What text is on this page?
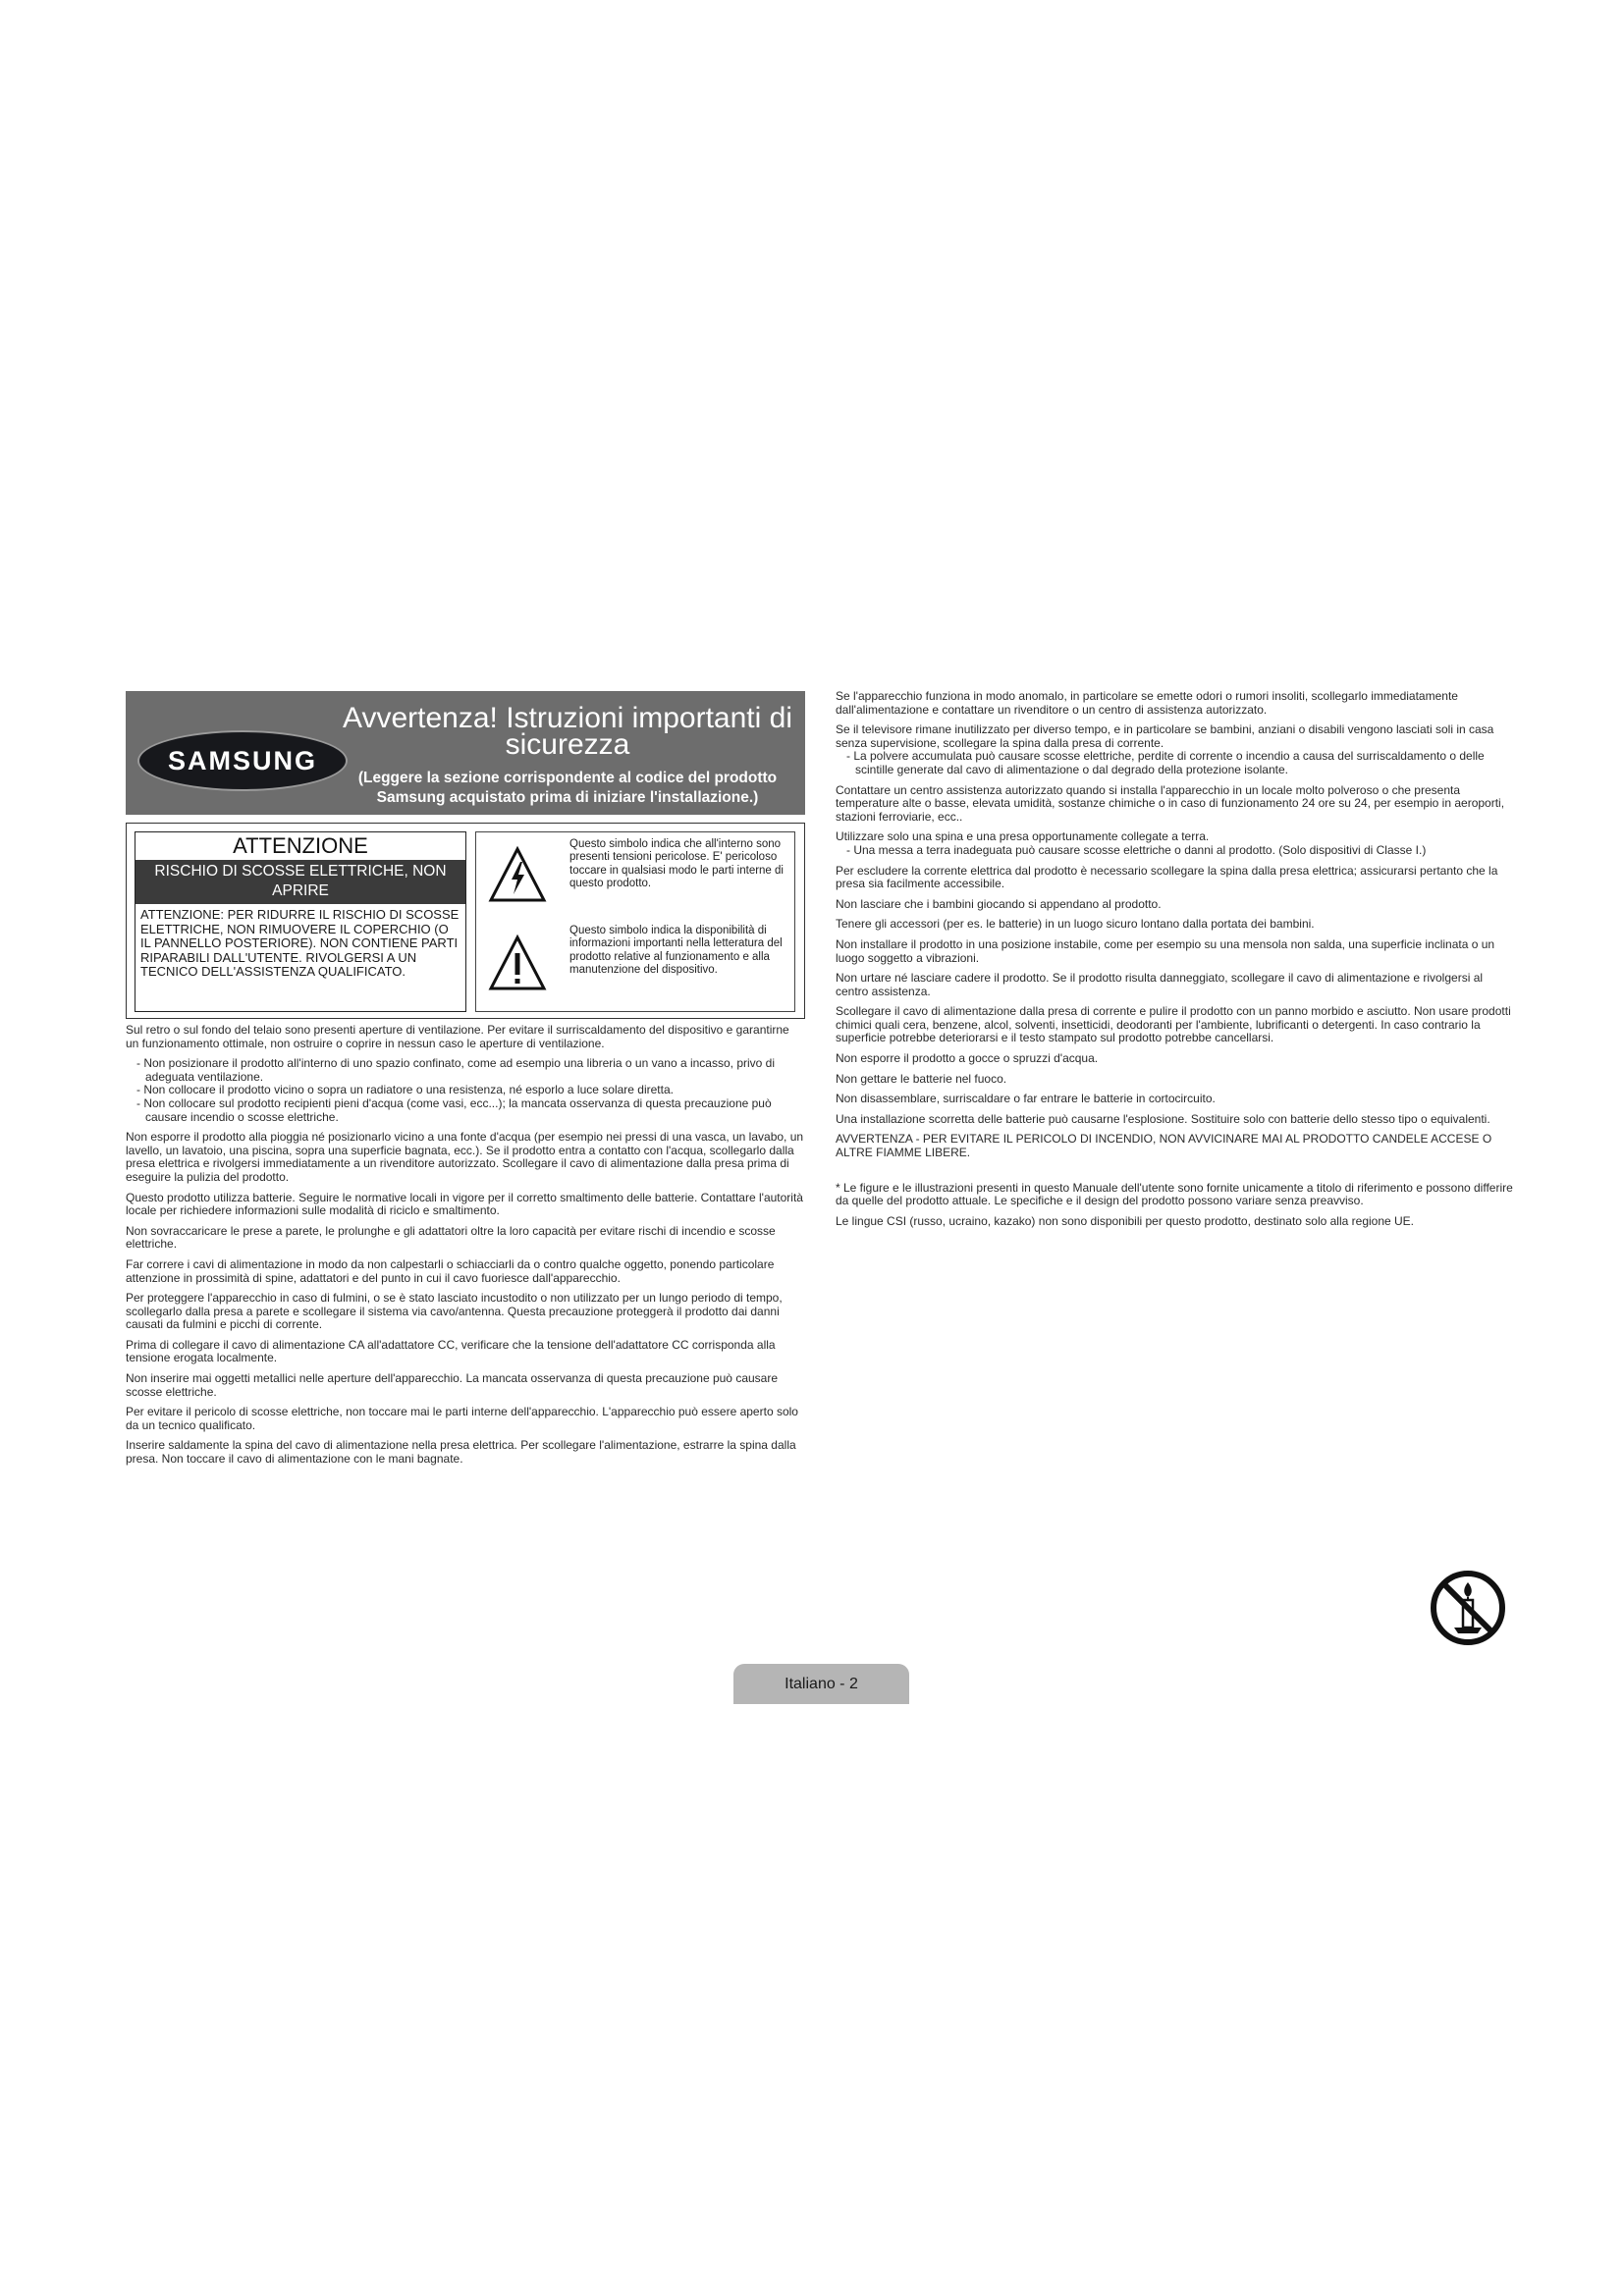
SAMSUNG
Avvertenza! Istruzioni importanti di sicurezza
(Leggere la sezione corrispondente al codice del prodotto Samsung acquistato prima di iniziare l'installazione.)
ATTENZIONE
RISCHIO DI SCOSSE ELETTRICHE, NON APRIRE
ATTENZIONE: PER RIDURRE IL RISCHIO DI SCOSSE ELETTRICHE, NON RIMUOVERE IL COPERCHIO (O IL PANNELLO POSTERIORE). NON CONTIENE PARTI RIPARABILI DALL'UTENTE. RIVOLGERSI A UN TECNICO DELL'ASSISTENZA QUALIFICATO.
Questo simbolo indica che all'interno sono presenti tensioni pericolose. E' pericoloso toccare in qualsiasi modo le parti interne di questo prodotto.
Questo simbolo indica la disponibilità di informazioni importanti nella letteratura del prodotto relative al funzionamento e alla manutenzione del dispositivo.

Sul retro o sul fondo del telaio sono presenti aperture di ventilazione. Per evitare il surriscaldamento del dispositivo e garantirne un funzionamento ottimale, non ostruire o coprire in nessun caso le aperture di ventilazione.

- Non posizionare il prodotto all'interno di uno spazio confinato, come ad esempio una libreria o un vano a incasso, privo di adeguata ventilazione.

- Non collocare il prodotto vicino o sopra un radiatore o una resistenza, né esporlo a luce solare diretta.

- Non collocare sul prodotto recipienti pieni d'acqua (come vasi, ecc...); la mancata osservanza di questa precauzione può causare incendio o scosse elettriche.

Non esporre il prodotto alla pioggia né posizionarlo vicino a una fonte d'acqua (per esempio nei pressi di una vasca, un lavabo, un lavello, un lavatoio, una piscina, sopra una superficie bagnata, ecc.). Se il prodotto entra a contatto con l'acqua, scollegarlo dalla presa elettrica e rivolgersi immediatamente a un rivenditore autorizzato. Scollegare il cavo di alimentazione dalla presa prima di eseguire la pulizia del prodotto.

Questo prodotto utilizza batterie. Seguire le normative locali in vigore per il corretto smaltimento delle batterie. Contattare l'autorità locale per richiedere informazioni sulle modalità di riciclo e smaltimento.

Non sovraccaricare le prese a parete, le prolunghe e gli adattatori oltre la loro capacità per evitare rischi di incendio e scosse elettriche.

Far correre i cavi di alimentazione in modo da non calpestarli o schiacciarli da o contro qualche oggetto, ponendo particolare attenzione in prossimità di spine, adattatori e del punto in cui il cavo fuoriesce dall'apparecchio.

Per proteggere l'apparecchio in caso di fulmini, o se è stato lasciato incustodito o non utilizzato per un lungo periodo di tempo, scollegarlo dalla presa a parete e scollegare il sistema via cavo/antenna. Questa precauzione proteggerà il prodotto dai danni causati da fulmini e picchi di corrente.

Prima di collegare il cavo di alimentazione CA all'adattatore CC, verificare che la tensione dell'adattatore CC corrisponda alla tensione erogata localmente.

Non inserire mai oggetti metallici nelle aperture dell'apparecchio. La mancata osservanza di questa precauzione può causare scosse elettriche.

Per evitare il pericolo di scosse elettriche, non toccare mai le parti interne dell'apparecchio. L'apparecchio può essere aperto solo da un tecnico qualificato.

Inserire saldamente la spina del cavo di alimentazione nella presa elettrica. Per scollegare l'alimentazione, estrarre la spina dalla presa. Non toccare il cavo di alimentazione con le mani bagnate.

Se l'apparecchio funziona in modo anomalo, in particolare se emette odori o rumori insoliti, scollegarlo immediatamente dall'alimentazione e contattare un rivenditore o un centro di assistenza autorizzato.

Se il televisore rimane inutilizzato per diverso tempo, e in particolare se bambini, anziani o disabili vengono lasciati soli in casa senza supervisione, scollegare la spina dalla presa di corrente.

- La polvere accumulata può causare scosse elettriche, perdite di corrente o incendio a causa del surriscaldamento o delle scintille generate dal cavo di alimentazione o dal degrado della protezione isolante.

Contattare un centro assistenza autorizzato quando si installa l'apparecchio in un locale molto polveroso o che presenta temperature alte o basse, elevata umidità, sostanze chimiche o in caso di funzionamento 24 ore su 24, per esempio in aeroporti, stazioni ferroviarie, ecc..

Utilizzare solo una spina e una presa opportunamente collegate a terra.

- Una messa a terra inadeguata può causare scosse elettriche o danni al prodotto. (Solo dispositivi di Classe I.)

Per escludere la corrente elettrica dal prodotto è necessario scollegare la spina dalla presa elettrica; assicurarsi pertanto che la presa sia facilmente accessibile.

Non lasciare che i bambini giocando si appendano al prodotto.

Tenere gli accessori (per es. le batterie) in un luogo sicuro lontano dalla portata dei bambini.

Non installare il prodotto in una posizione instabile, come per esempio su una mensola non salda, una superficie inclinata o un luogo soggetto a vibrazioni.

Non urtare né lasciare cadere il prodotto. Se il prodotto risulta danneggiato, scollegare il cavo di alimentazione e rivolgersi al centro assistenza.

Scollegare il cavo di alimentazione dalla presa di corrente e pulire il prodotto con un panno morbido e asciutto. Non usare prodotti chimici quali cera, benzene, alcol, solventi, insetticidi, deodoranti per l'ambiente, lubrificanti o detergenti. In caso contrario la superficie potrebbe deteriorarsi e il testo stampato sul prodotto potrebbe cancellarsi.

Non esporre il prodotto a gocce o spruzzi d'acqua.

Non gettare le batterie nel fuoco.

Non disassemblare, surriscaldare o far entrare le batterie in cortocircuito.

Una installazione scorretta delle batterie può causarne l'esplosione. Sostituire solo con batterie dello stesso tipo o equivalenti.

AVVERTENZA - PER EVITARE IL PERICOLO DI INCENDIO, NON AVVICINARE MAI AL PRODOTTO CANDELE ACCESE O ALTRE FIAMME LIBERE.

* Le figure e le illustrazioni presenti in questo Manuale dell'utente sono fornite unicamente a titolo di riferimento e possono differire da quelle del prodotto attuale. Le specifiche e il design del prodotto possono variare senza preavviso.

Le lingue CSI (russo, ucraino, kazako) non sono disponibili per questo prodotto, destinato solo alla regione UE.

Italiano - 2
